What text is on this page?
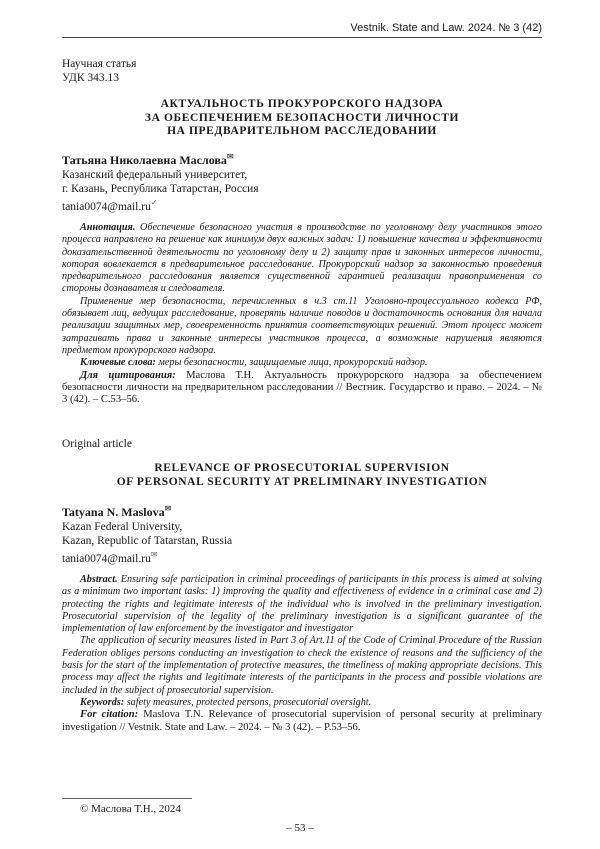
Vestnik. State and Law. 2024. № 3 (42)
Научная статья
УДК 343.13
АКТУАЛЬНОСТЬ ПРОКУРОРСКОГО НАДЗОРА
ЗА ОБЕСПЕЧЕНИЕМ БЕЗОПАСНОСТИ ЛИЧНОСТИ
НА ПРЕДВАРИТЕЛЬНОМ РАССЛЕДОВАНИИ
Татьяна Николаевна Маслова✉
Казанский федеральный университет,
г. Казань, Республика Татарстан, Россия
tania0074@mail.ru✓

Аннотация. Обеспечение безопасного участия в производстве по уголовному делу участников этого процесса направлено на решение как минимум двух важных задач: 1) повышение качества и эффективности доказательственной деятельности по уголовному делу и 2) защиту прав и законных интересов личности, которая вовлекается в предварительное расследование. Прокурорский надзор за законностью проведения предварительного расследования является существенной гарантией реализации правоприменения со стороны дознавателя и следователя.

Применение мер безопасности, перечисленных в ч.3 ст.11 Уголовно-процессуального кодекса РФ, обязывает лиц, ведущих расследование, проверять наличие поводов и достаточность основания для начала реализации защитных мер, своевременность принятия соответствующих решений. Этот процесс может затрагивать права и законные интересы участников процесса, а возможные нарушения являются предметом прокурорского надзора.

Ключевые слова: меры безопасности, защищаемые лица, прокурорский надзор.

Для цитирования: Маслова Т.Н. Актуальность прокурорского надзора за обеспечением безопасности личности на предварительном расследовании // Вестник. Государство и право. – 2024. – № 3 (42). – С.53–56.

Original article
RELEVANCE OF PROSECUTORIAL SUPERVISION
OF PERSONAL SECURITY AT PRELIMINARY INVESTIGATION
Tatyana N. Maslova✉
Kazan Federal University,
Kazan, Republic of Tatarstan, Russia
tania0074@mail.ru✉

Abstract. Ensuring safe participation in criminal proceedings of participants in this process is aimed at solving as a minimum two important tasks: 1) improving the quality and effectiveness of evidence in a criminal case and 2) protecting the rights and legitimate interests of the individual who is involved in the preliminary investigation. Prosecutorial supervision of the legality of the preliminary investigation is a significant guarantee of the implementation of law enforcement by the investigator and investigator

The application of security measures listed in Part 3 of Art.11 of the Code of Criminal Procedure of the Russian Federation obliges persons conducting an investigation to check the existence of reasons and the sufficiency of the basis for the start of the implementation of protective measures, the timeliness of making appropriate decisions. This process may affect the rights and legitimate interests of the participants in the process and possible violations are included in the subject of prosecutorial supervision.

Keywords: safety measures, protected persons, prosecutorial oversight.

For citation: Maslova T.N. Relevance of prosecutorial supervision of personal security at preliminary investigation // Vestnik. State and Law. – 2024. – № 3 (42). – P.53–56.

© Маслова Т.Н., 2024
– 53 –
